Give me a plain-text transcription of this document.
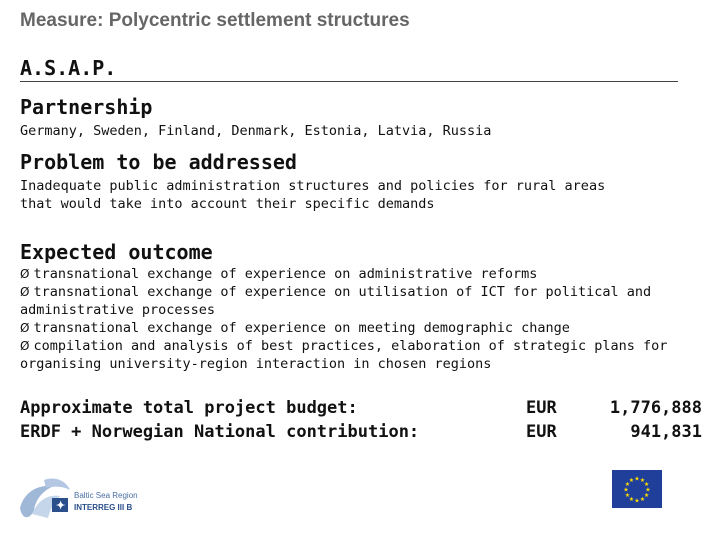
Measure: Polycentric settlement structures
A.S.A.P.
Partnership
Germany, Sweden, Finland, Denmark, Estonia, Latvia, Russia
Problem to be addressed
Inadequate public administration structures and policies for rural areas
that would take into account their specific demands
Expected outcome
Ø transnational exchange of experience on administrative reforms
Ø transnational exchange of experience on utilisation of ICT for political and
administrative processes
Ø transnational exchange of experience on meeting demographic change
Ø compilation and analysis of best practices, elaboration of strategic plans for
organising university-region interaction in chosen regions
Approximate total project budget:	EUR	1,776,888
ERDF + Norwegian National contribution:	EUR	941,831
✦
Baltic Sea Region
INTERREG III B
★
★
★
★
★
★
★
★
★ ★ ★
★
